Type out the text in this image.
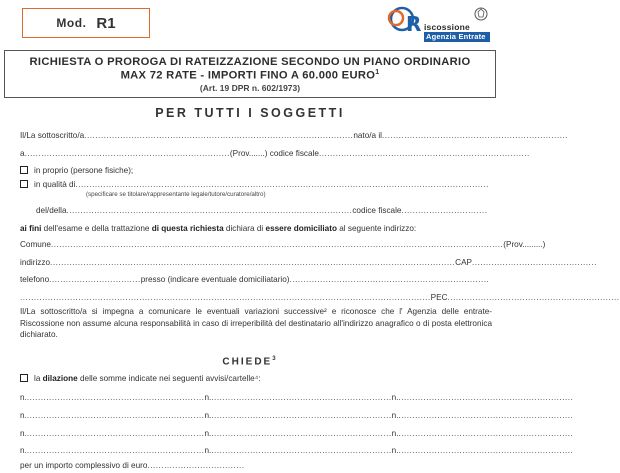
Mod. R1	R iscossione
Agenzia Entrate
RICHIESTA O PROROGA DI RATEIZZAZIONE SECONDO UN PIANO ORDINARIO
MAX 72 RATE - IMPORTI FINO A 60.000 EURO$^1$
(Art. 19 DPR n. 602/1973)
PER TUTTI I SOGGETTI
Il/La sottoscritto/a.................................................................................................nato/a il...................................................................
a..........................................................................(Prov.......) codice fiscale............................................................................
in proprio (persone fisiche);
in qualità di.....................................................................................................................................................
(specificare se titolare/rappresentante legale/tutore/curatore/altro)
del/della.......................................................................................................codice fiscale...............................
ai fini dell'esame e della trattazione di questa richiesta dichiara di essere domiciliato al seguente indirizzo:
Comune...................................................................................................................................................................(Prov.........)
indirizzo..................................................................................................................................................CAP.............................................
telefono.................................presso (indicare eventuale domiciliatario)........................................................................
....................................................................................................................................................PEC..............................................................
Il/La sottoscritto/a si impegna a comunicare le eventuali variazioni successive² e riconosce che l' Agenzia delle entrate-Riscossione non assume alcuna responsabilità in caso di irreperibilità del destinatario all'indirizzo anagrafico o di posta elettronica dichiarato.
CHIEDE$^3$
la dilazione delle somme indicate nei seguenti avvisi/cartelle⁴:
n.................................................................n..................................................................n................................................................
n.................................................................n..................................................................n................................................................
n.................................................................n..................................................................n................................................................
n.................................................................n..................................................................n................................................................
per un importo complessivo di euro...................................
